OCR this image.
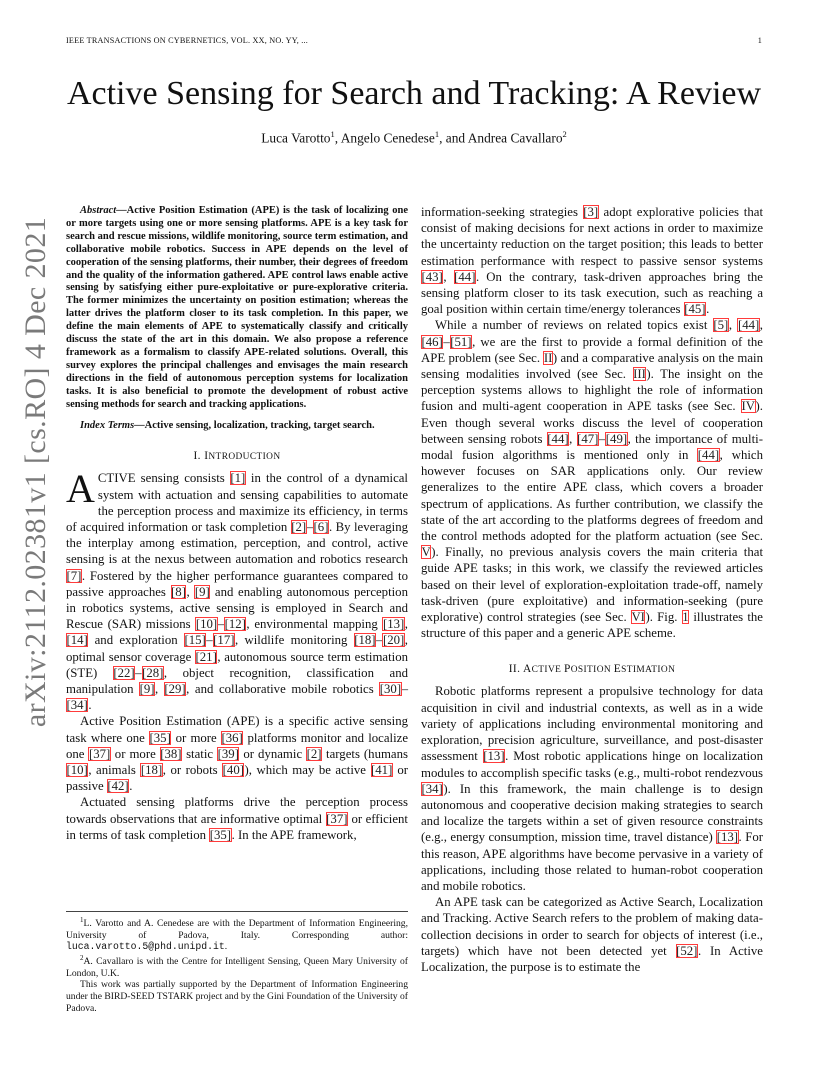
IEEE TRANSACTIONS ON CYBERNETICS, VOL. XX, NO. YY, ...	1
Active Sensing for Search and Tracking: A Review
Luca Varotto$^1$, Angelo Cenedese$^1$, and Andrea Cavallaro$^2$
arXiv:2112.02381v1 [cs.RO] 4 Dec 2021

Abstract—Active Position Estimation (APE) is the task of localizing one or more targets using one or more sensing platforms. APE is a key task for search and rescue missions, wildlife monitoring, source term estimation, and collaborative mobile robotics. Success in APE depends on the level of cooperation of the sensing platforms, their number, their degrees of freedom and the quality of the information gathered. APE control laws enable active sensing by satisfying either pure-exploitative or pure-explorative criteria. The former minimizes the uncertainty on position estimation; whereas the latter drives the platform closer to its task completion. In this paper, we define the main elements of APE to systematically classify and critically discuss the state of the art in this domain. We also propose a reference framework as a formalism to classify APE-related solutions. Overall, this survey explores the principal challenges and envisages the main research directions in the field of autonomous perception systems for localization tasks. It is also beneficial to promote the development of robust active sensing methods for search and tracking applications.

Index Terms—Active sensing, localization, tracking, target search.

I. INTRODUCTION

ACTIVE sensing consists [1] in the control of a dynamical system with actuation and sensing capabilities to automate the perception process and maximize its efficiency, in terms of acquired information or task completion [2]–[6]. By leveraging the interplay among estimation, perception, and control, active sensing is at the nexus between automation and robotics research [7]. Fostered by the higher performance guarantees compared to passive approaches [8], [9] and enabling autonomous perception in robotics systems, active sensing is employed in Search and Rescue (SAR) missions [10]–[12], environmental mapping [13], [14] and exploration [15]–[17], wildlife monitoring [18]–[20], optimal sensor coverage [21], autonomous source term estimation (STE) [22]–[28], object recognition, classification and manipulation [9], [29], and collaborative mobile robotics [30]–[34].

Active Position Estimation (APE) is a specific active sensing task where one [35] or more [36] platforms monitor and localize one [37] or more [38] static [39] or dynamic [2] targets (humans [10], animals [18], or robots [40]), which may be active [41] or passive [42].

Actuated sensing platforms drive the perception process towards observations that are informative optimal [37] or efficient in terms of task completion [35]. In the APE framework,

$^1$L. Varotto and A. Cenedese are with the Department of Information Engineering, University of Padova, Italy. Corresponding author: luca.varotto.5@phd.unipd.it.

$^2$A. Cavallaro is with the Centre for Intelligent Sensing, Queen Mary University of London, U.K.

This work was partially supported by the Department of Information Engineering under the BIRD-SEED TSTARK project and by the Gini Foundation of the University of Padova.

information-seeking strategies [3] adopt explorative policies that consist of making decisions for next actions in order to maximize the uncertainty reduction on the target position; this leads to better estimation performance with respect to passive sensor systems [43], [44]. On the contrary, task-driven approaches bring the sensing platform closer to its task execution, such as reaching a goal position within certain time/energy tolerances [45].

While a number of reviews on related topics exist [5], [44], [46]–[51], we are the first to provide a formal definition of the APE problem (see Sec. II) and a comparative analysis on the main sensing modalities involved (see Sec. III). The insight on the perception systems allows to highlight the role of information fusion and multi-agent cooperation in APE tasks (see Sec. IV). Even though several works discuss the level of cooperation between sensing robots [44], [47]–[49], the importance of multi-modal fusion algorithms is mentioned only in [44], which however focuses on SAR applications only. Our review generalizes to the entire APE class, which covers a broader spectrum of applications. As further contribution, we classify the state of the art according to the platforms degrees of freedom and the control methods adopted for the platform actuation (see Sec. V). Finally, no previous analysis covers the main criteria that guide APE tasks; in this work, we classify the reviewed articles based on their level of exploration-exploitation trade-off, namely task-driven (pure exploitative) and information-seeking (pure explorative) control strategies (see Sec. VI). Fig. 1 illustrates the structure of this paper and a generic APE scheme.

II. ACTIVE POSITION ESTIMATION

Robotic platforms represent a propulsive technology for data acquisition in civil and industrial contexts, as well as in a wide variety of applications including environmental monitoring and exploration, precision agriculture, surveillance, and post-disaster assessment [13]. Most robotic applications hinge on localization modules to accomplish specific tasks (e.g., multi-robot rendezvous [34]). In this framework, the main challenge is to design autonomous and cooperative decision making strategies to search and localize the targets within a set of given resource constraints (e.g., energy consumption, mission time, travel distance) [13]. For this reason, APE algorithms have become pervasive in a variety of applications, including those related to human-robot cooperation and mobile robotics.

An APE task can be categorized as Active Search, Localization and Tracking. Active Search refers to the problem of making data-collection decisions in order to search for objects of interest (i.e., targets) which have not been detected yet [52]. In Active Localization, the purpose is to estimate the
